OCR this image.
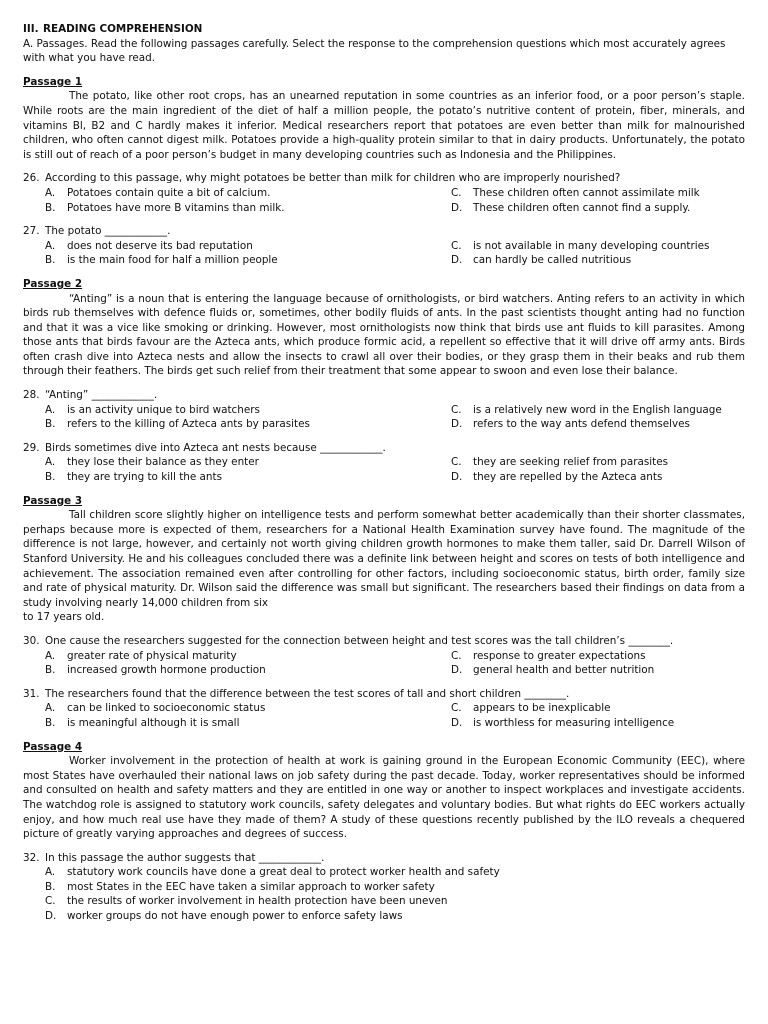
III. READING COMPREHENSION

A. Passages. Read the following passages carefully. Select the response to the comprehension questions which most accurately agrees with what you have read.

Passage 1

The potato, like other root crops, has an unearned reputation in some countries as an inferior food, or a poor person’s staple. While roots are the main ingredient of the diet of half a million people, the potato’s nutritive content of protein, fiber, minerals, and vitamins Bl, B2 and C hardly makes it inferior. Medical researchers report that potatoes are even better than milk for malnourished children, who often cannot digest milk. Potatoes provide a high-quality protein similar to that in dairy products. Unfortunately, the potato is still out of reach of a poor person’s budget in many developing countries such as Indonesia and the Philippines.

26. According to this passage, why might potatoes be better than milk for children who are improperly nourished?
A.	Potatoes contain quite a bit of calcium.	C.	These children often cannot assimilate milk
B.	Potatoes have more B vitamins than milk.	D.	These children often cannot find a supply.
27. The potato ____________.
A.	does not deserve its bad reputation	C.	is not available in many developing countries
B.	is the main food for half a million people	D.	can hardly be called nutritious
Passage 2

“Anting” is a noun that is entering the language because of ornithologists, or bird watchers. Anting refers to an activity in which birds rub themselves with defence fluids or, sometimes, other bodily fluids of ants. In the past scientists thought anting had no function and that it was a vice like smoking or drinking. However, most ornithologists now think that birds use ant fluids to kill parasites. Among those ants that birds favour are the Azteca ants, which produce formic acid, a repellent so effective that it will drive off army ants. Birds often crash dive into Azteca nests and allow the insects to crawl all over their bodies, or they grasp them in their beaks and rub them through their feathers. The birds get such relief from their treatment that some appear to swoon and even lose their balance.

28. “Anting” ____________.
A.	is an activity unique to bird watchers	C.	is a relatively new word in the English language
B.	refers to the killing of Azteca ants by parasites	D.	refers to the way ants defend themselves
29. Birds sometimes dive into Azteca ant nests because ____________.
A.	they lose their balance as they enter	C.	they are seeking relief from parasites
B.	they are trying to kill the ants	D.	they are repelled by the Azteca ants
Passage 3

Tall children score slightly higher on intelligence tests and perform somewhat better academically than their shorter classmates, perhaps because more is expected of them, researchers for a National Health Examination survey have found. The magnitude of the difference is not large, however, and certainly not worth giving children growth hormones to make them taller, said Dr. Darrell Wilson of Stanford University. He and his colleagues concluded there was a definite link between height and scores on tests of both intelligence and achievement. The association remained even after controlling for other factors, including socioeconomic status, birth order, family size and rate of physical maturity. Dr. Wilson said the difference was small but significant. The researchers based their findings on data from a study involving nearly 14,000 children from six

to 17 years old.

30. One cause the researchers suggested for the connection between height and test scores was the tall children’s ________.
A.	greater rate of physical maturity	C.	response to greater expectations
B.	increased growth hormone production	D.	general health and better nutrition
31. The researchers found that the difference between the test scores of tall and short children ________.
A.	can be linked to socioeconomic status	C.	appears to be inexplicable
B.	is meaningful although it is small	D.	is worthless for measuring intelligence
Passage 4

Worker involvement in the protection of health at work is gaining ground in the European Economic Community (EEC), where most States have overhauled their national laws on job safety during the past decade. Today, worker representatives should be informed and consulted on health and safety matters and they are entitled in one way or another to inspect workplaces and investigate accidents. The watchdog role is assigned to statutory work councils, safety delegates and voluntary bodies. But what rights do EEC workers actually enjoy, and how much real use have they made of them? A study of these questions recently published by the ILO reveals a chequered picture of greatly varying approaches and degrees of success.

32. In this passage the author suggests that ____________.
A.	statutory work councils have done a great deal to protect worker health and safety
B.	most States in the EEC have taken a similar approach to worker safety
C.	the results of worker involvement in health protection have been uneven
D.	worker groups do not have enough power to enforce safety laws
